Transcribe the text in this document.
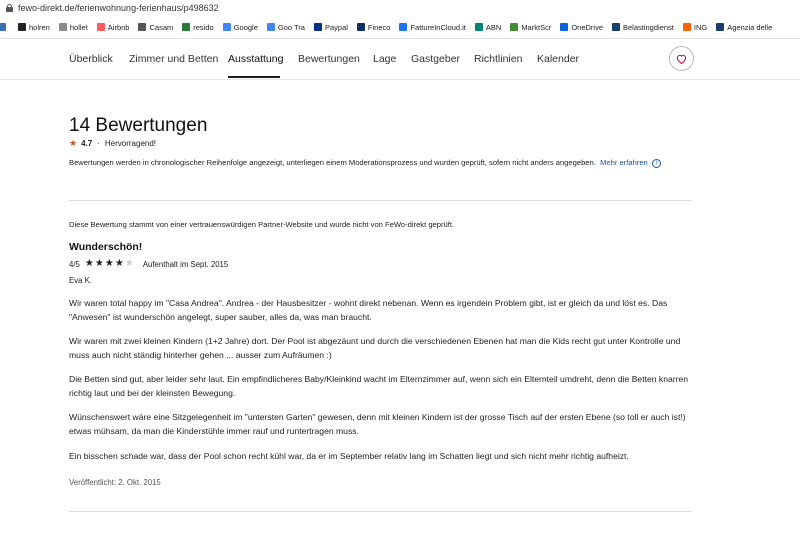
fewo-direkt.de/ferienwohnung-ferienhaus/p498632
holren	hollet	Airbnb	Casam	resido	Google	Goo Tra	Paypal	Fineco	FattureInCloud.it	ABN	MarktScr	OneDrive	Belastingdienst	ING	Agenzia delle
Überblick Zimmer und Betten Ausstattung Bewertungen Lage Gastgeber Richtlinien Kalender
14 Bewertungen
★ 4.7 · Hervorragend!
Bewertungen werden in chronologischer Reihenfolge angezeigt, unterliegen einem Moderationsprozess und wurden geprüft, sofern nicht anders angegeben. Mehr erfahren i
Diese Bewertung stammt von einer vertrauenswürdigen Partner-Website und wurde nicht von FeWo-direkt geprüft.
Wunderschön!
4/5 ★ ★ ★ ★ ★ Aufenthalt im Sept. 2015
Eva K.
Wir waren total happy im "Casa Andrea". Andrea - der Hausbesitzer - wohnt direkt nebenan. Wenn es irgendein Problem gibt, ist er gleich da und löst es. Das "Anwesen" ist wunderschön angelegt, super sauber, alles da, was man braucht.
Wir waren mit zwei kleinen Kindern (1+2 Jahre) dort. Der Pool ist abgezäunt und durch die verschiedenen Ebenen hat man die Kids recht gut unter Kontrolle und muss auch nicht ständig hinterher gehen ... ausser zum Aufräumen :)
Die Betten sind gut, aber leider sehr laut. Ein empfindlicheres Baby/Kleinkind wacht im Elternzimmer auf, wenn sich ein Elternteil umdreht, denn die Betten knarren richtig laut und bei der kleinsten Bewegung.
Wünschenswert wäre eine Sitzgelegenheit im "untersten Garten" gewesen, denn mit kleinen Kindern ist der grosse Tisch auf der ersten Ebene (so toll er auch ist!) etwas mühsam, da man die Kinderstühle immer rauf und runtertragen muss.
Ein bisschen schade war, dass der Pool schon recht kühl war, da er im September relativ lang im Schatten liegt und sich nicht mehr richtig aufheizt.
Veröffentlicht: 2. Okt. 2015
